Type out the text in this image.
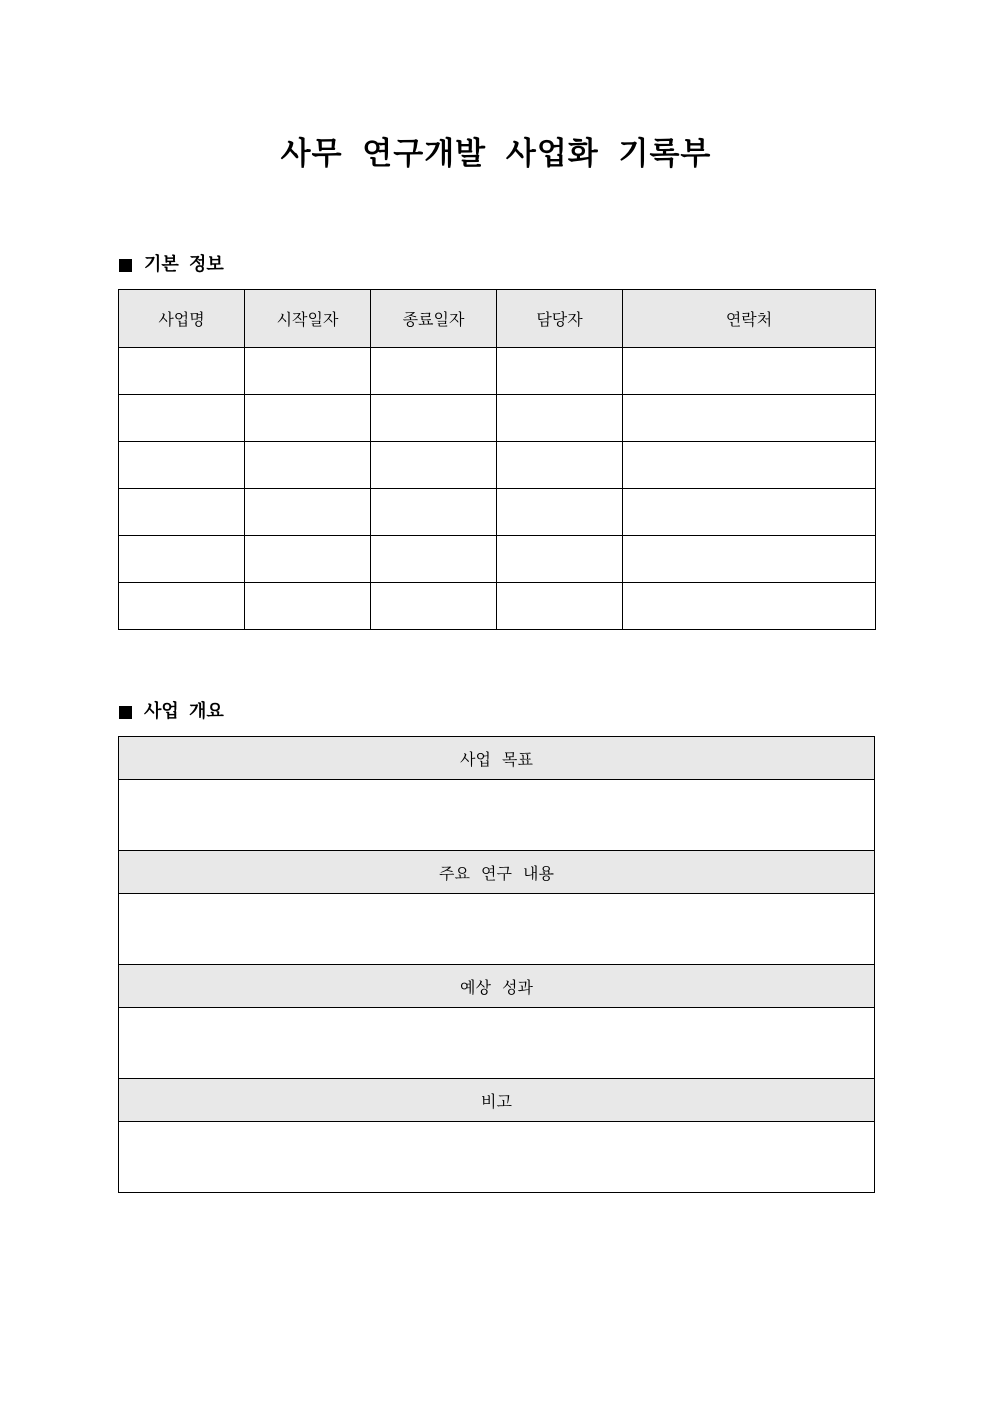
사무 연구개발 사업화 기록부
기본 정보
사업명	시작일자	종료일자	담당자	연락처

사업 개요
사업 목표

주요 연구 내용

예상 성과

비고
